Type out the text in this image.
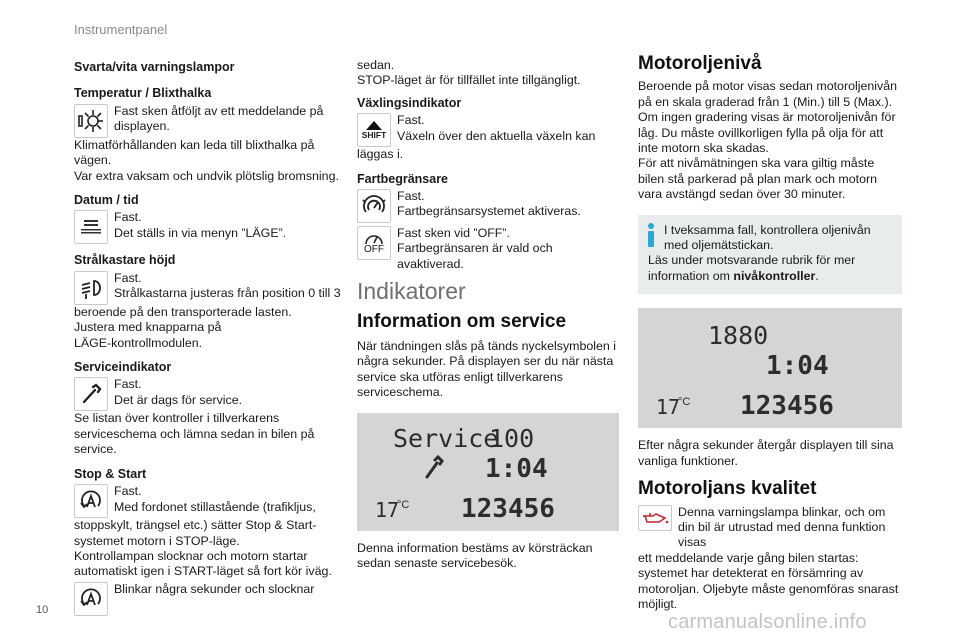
Instrumentpanel
Svarta/vita varningslampor
Temperatur / Blixthalka
Fast sken åtföljt av ett meddelande på displayen.
Klimatförhållanden kan leda till blixthalka på vägen.
Var extra vaksam och undvik plötslig bromsning.
Datum / tid
Fast.
Det ställs in via menyn ”LÄGE”.
Strålkastare höjd
Fast.
Strålkastarna justeras från position 0 till 3
beroende på den transporterade lasten.
Justera med knapparna på
LÄGE-kontrollmodulen.
Serviceindikator
Fast.
Det är dags för service.
Se listan över kontroller i tillverkarens serviceschema och lämna sedan in bilen på service.
Stop & Start
Fast.
Med fordonet stillastående (trafikljus,
stoppskylt, trängsel etc.) sätter Stop & Start-systemet motorn i STOP-läge.
Kontrollampan slocknar och motorn startar automatiskt igen i START-läget så fort kör iväg.
Blinkar några sekunder och slocknar
sedan.
STOP-läget är för tillfället inte tillgängligt.
Växlingsindikator
SHIFT
Fast.
Växeln över den aktuella växeln kan
läggas i.
Fartbegränsare
Fast.
Fartbegränsarsystemet aktiveras.
OFF
Fast sken vid ”OFF”.
Fartbegränsaren är vald och avaktiverad.
Indikatorer
Information om service
När tändningen slås på tänds nyckelsymbolen i några sekunder. På displayen ser du när nästa service ska utföras enligt tillverkarens serviceschema.
Service
100
1:04
17
°C 123456
Denna information bestäms av körsträckan sedan senaste servicebesök.
Motoroljenivå
Beroende på motor visas sedan motoroljenivån på en skala graderad från 1 (Min.) till 5 (Max.). Om ingen gradering visas är motoroljenivån för låg. Du måste ovillkorligen fylla på olja för att inte motorn ska skadas.
För att nivåmätningen ska vara giltig måste bilen stå parkerad på plan mark och motorn vara avstängd sedan över 30 minuter.
I tveksamma fall, kontrollera oljenivån med oljemätstickan.
Läs under motsvarande rubrik för mer information om nivåkontroller.
1880
1:04
17
°C 123456
Efter några sekunder återgår displayen till sina vanliga funktioner.
Motoroljans kvalitet
Denna varningslampa blinkar, och om din bil är utrustad med denna funktion visas
ett meddelande varje gång bilen startas: systemet har detekterat en försämring av motoroljan. Oljebyte måste genomföras snarast möjligt.
10
carmanualsonline.info
